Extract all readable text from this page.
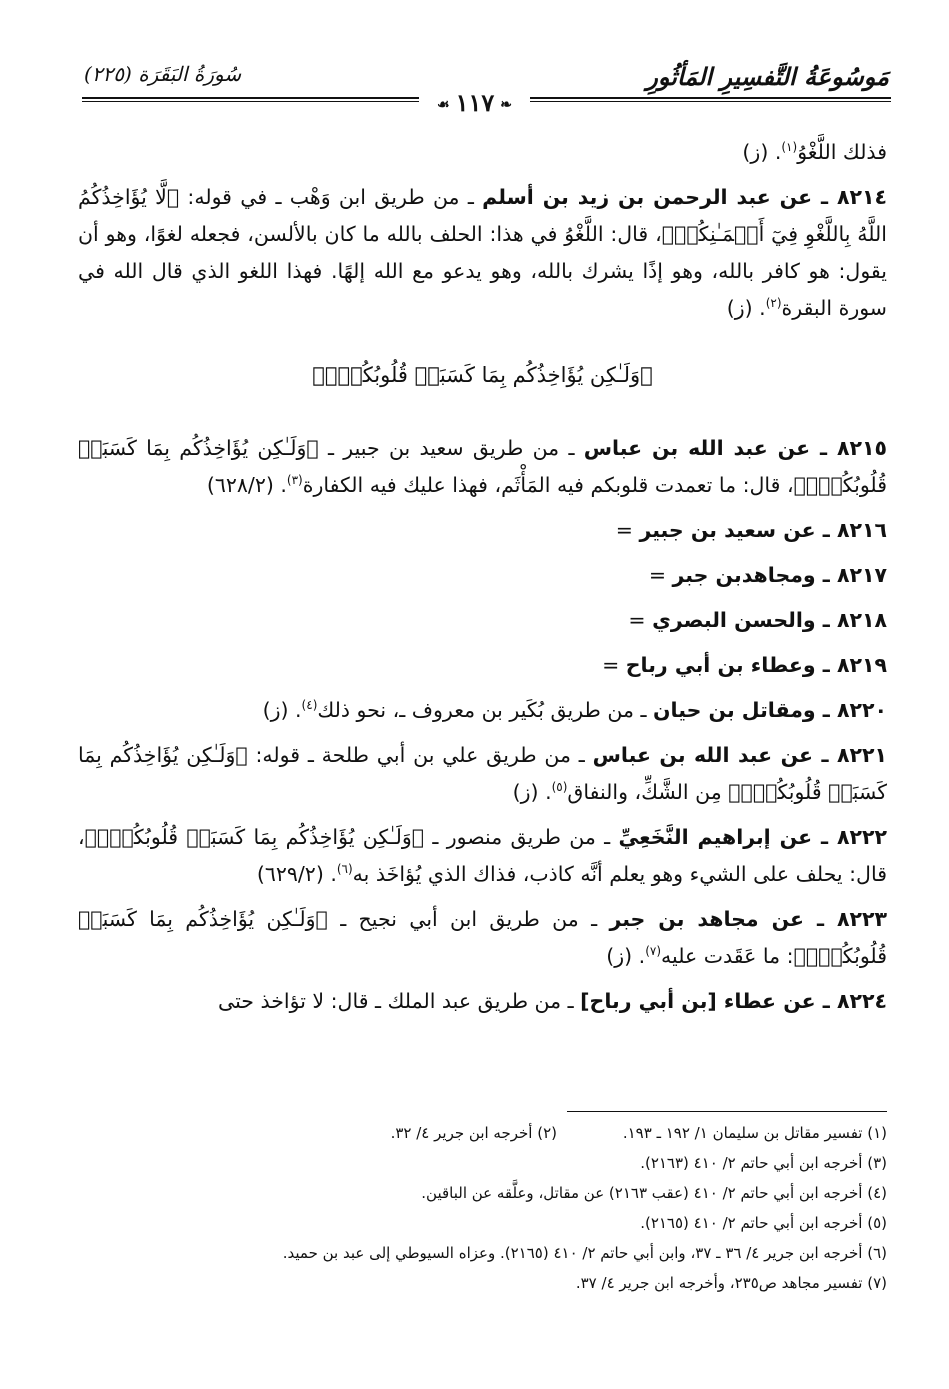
مَوسُوعَةُ التَّفسِيرِ المَأثُورِ
سُورَةُ البَقَرَة (٢٢٥)
❧١١٧☙

فذلك اللَّغْوُ$^{(١)}$. (ز)

٨٢١٤ ـ عن عبد الرحمن بن زيد بن أسلم ـ من طريق ابن وَهْب ـ في قوله: ﴿لَّا يُؤَاخِذُكُمُ اللَّهُ بِاللَّغْوِ فِيٓ أَيۡمَـٰنِكُمۡ﴾، قال: اللَّغْوُ في هذا: الحلف بالله ما كان بالألسن، فجعله لغوًا، وهو أن يقول: هو كافر بالله، وهو إذًا يشرك بالله، وهو يدعو مع الله إلهًا. فهذا اللغو الذي قال الله في سورة البقرة$^{(٢)}$. (ز)

﴿وَلَـٰكِن يُؤَاخِذُكُم بِمَا كَسَبَتۡ قُلُوبُكُمۡۗ﴾

٨٢١٥ ـ عن عبد الله بن عباس ـ من طريق سعيد بن جبير ـ ﴿وَلَـٰكِن يُؤَاخِذُكُم بِمَا كَسَبَتۡ قُلُوبُكُمۡۗ﴾، قال: ما تعمدت قلوبكم فيه المَأْثَم، فهذا عليك فيه الكفارة$^{(٣)}$. (٦٢٨/٢)

٨٢١٦ ـ عن سعيد بن جبير =

٨٢١٧ ـ ومجاهدبن جبر =

٨٢١٨ ـ والحسن البصري =

٨٢١٩ ـ وعطاء بن أبي رباح =

٨٢٢٠ ـ ومقاتل بن حيان ـ من طريق بُكَير بن معروف ـ، نحو ذلك$^{(٤)}$. (ز)

٨٢٢١ ـ عن عبد الله بن عباس ـ من طريق علي بن أبي طلحة ـ قوله: ﴿وَلَـٰكِن يُؤَاخِذُكُم بِمَا كَسَبَتۡ قُلُوبُكُمۡۗ﴾ مِن الشَّكِّ، والنفاق$^{(٥)}$. (ز)

٨٢٢٢ ـ عن إبراهيم النَّخَعِيِّ ـ من طريق منصور ـ ﴿وَلَـٰكِن يُؤَاخِذُكُم بِمَا كَسَبَتۡ قُلُوبُكُمۡۗ﴾، قال: يحلف على الشيء وهو يعلم أنَّه كاذب، فذاك الذي يُؤاخَذ به$^{(٦)}$. (٦٢٩/٢)

٨٢٢٣ ـ عن مجاهد بن جبر ـ من طريق ابن أبي نجيح ـ ﴿وَلَـٰكِن يُؤَاخِذُكُم بِمَا كَسَبَتۡ قُلُوبُكُمۡۗ﴾: ما عَقَدت عليه$^{(٧)}$. (ز)

٨٢٢٤ ـ عن عطاء [بن أبي رباح] ـ من طريق عبد الملك ـ قال: لا تؤاخذ حتى

(١) تفسير مقاتل بن سليمان ١/ ١٩٢ ـ ١٩٣.
(٢) أخرجه ابن جرير ٤/ ٣٢.

(٣) أخرجه ابن أبي حاتم ٢/ ٤١٠ (٢١٦٣).

(٤) أخرجه ابن أبي حاتم ٢/ ٤١٠ (عقب ٢١٦٣) عن مقاتل، وعلَّقه عن الباقين.

(٥) أخرجه ابن أبي حاتم ٢/ ٤١٠ (٢١٦٥).

(٦) أخرجه ابن جرير ٤/ ٣٦ ـ ٣٧، وابن أبي حاتم ٢/ ٤١٠ (٢١٦٥). وعزاه السيوطي إلى عبد بن حميد.

(٧) تفسير مجاهد ص٢٣٥، وأخرجه ابن جرير ٤/ ٣٧.
